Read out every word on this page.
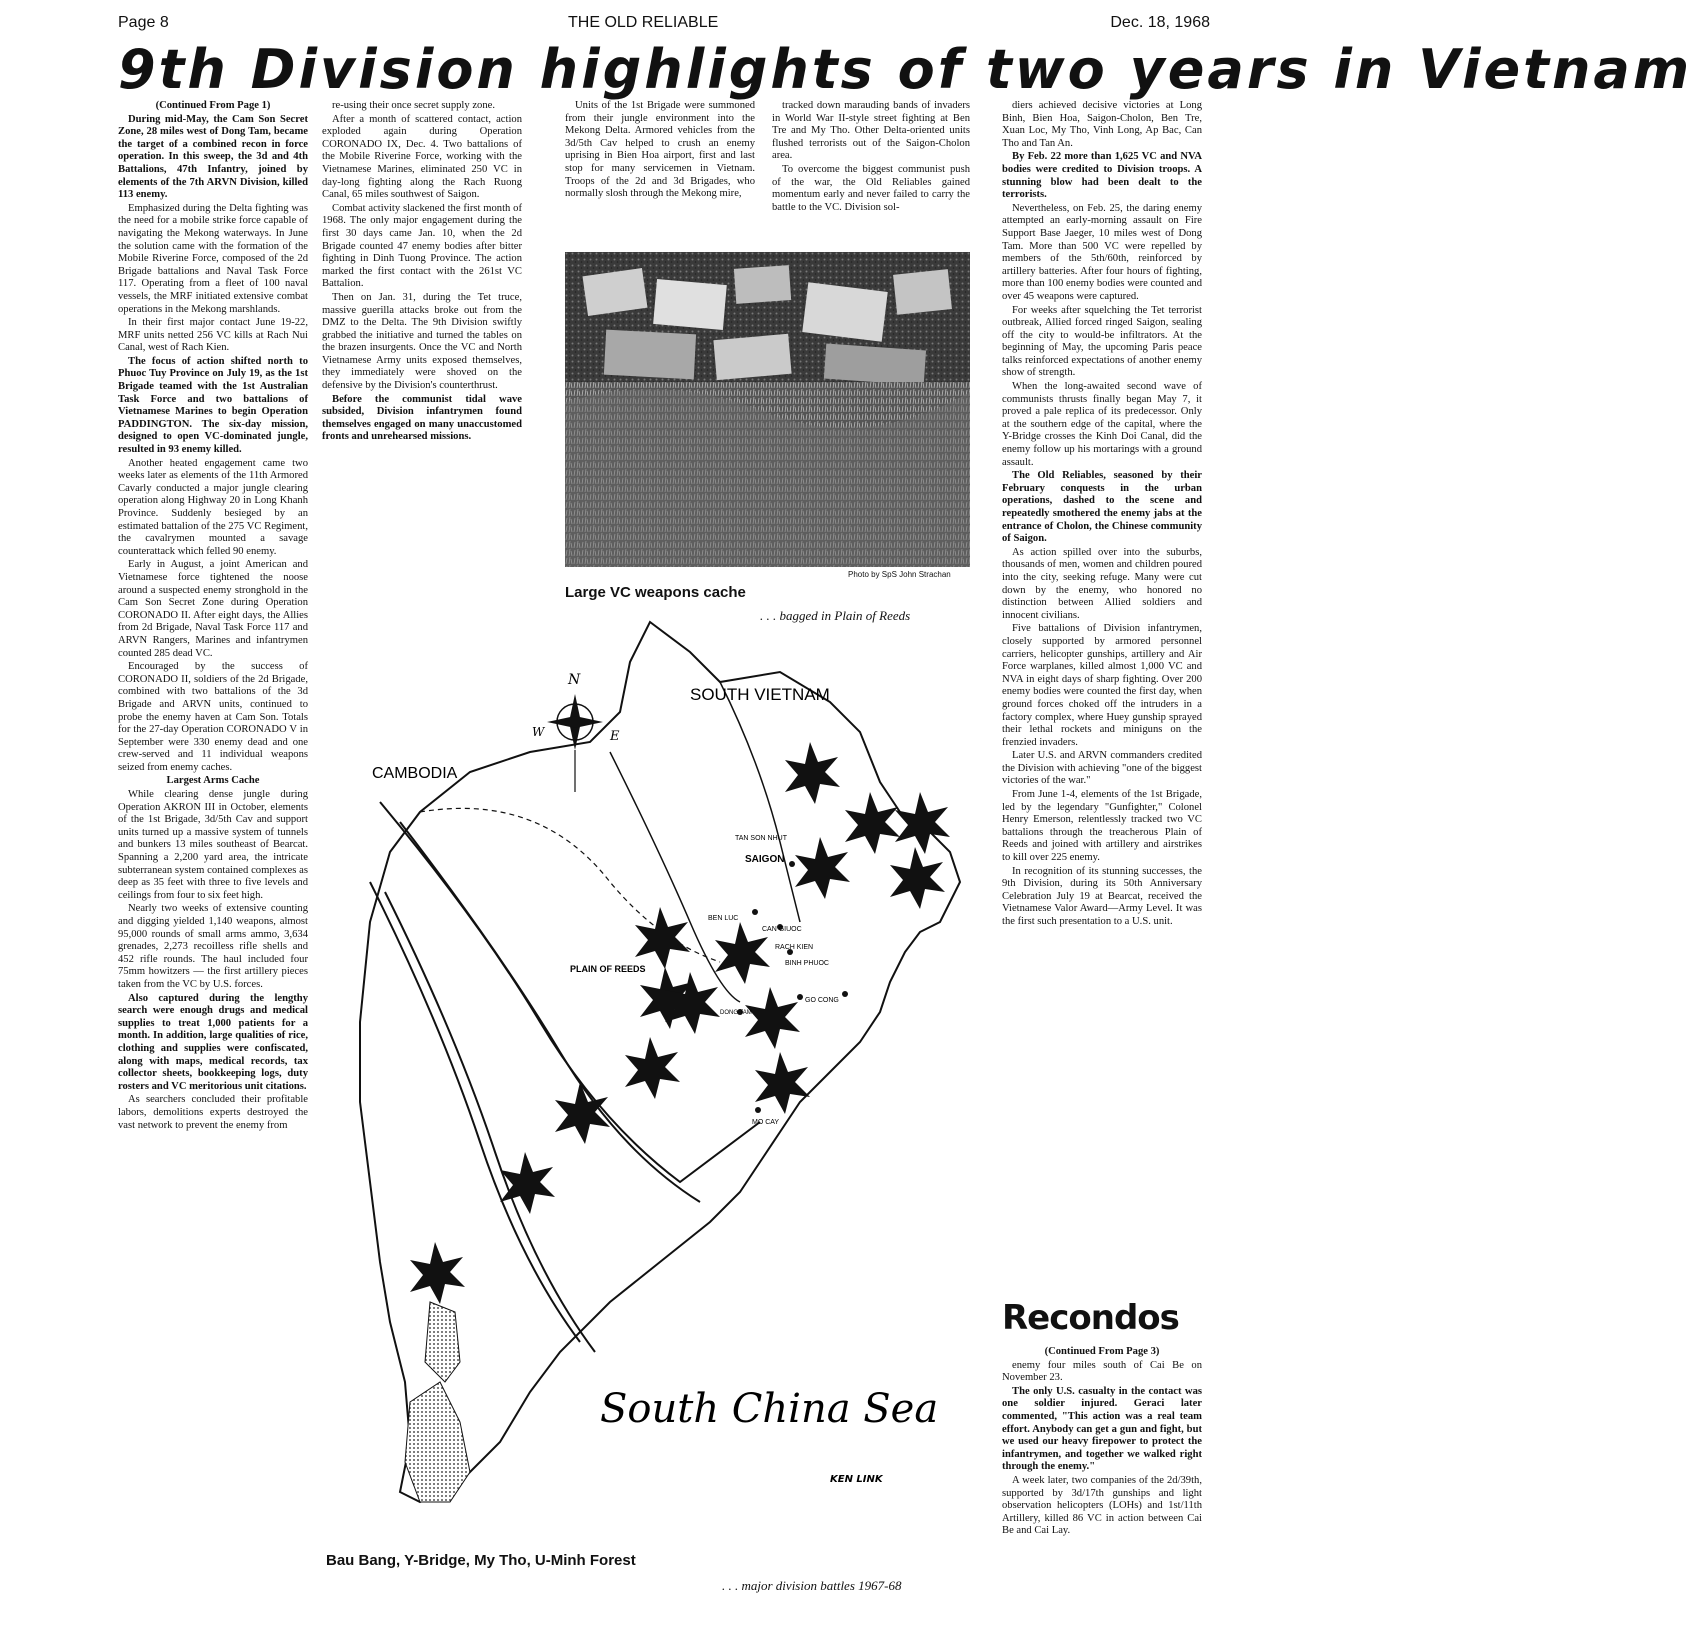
Page 8	THE OLD RELIABLE	Dec. 18, 1968
9th Division highlights of two years in Vietnam

(Continued From Page 1)

During mid-May, the Cam Son Secret Zone, 28 miles west of Dong Tam, became the target of a combined recon in force operation. In this sweep, the 3d and 4th Battalions, 47th Infantry, joined by elements of the 7th ARVN Division, killed 113 enemy.

Emphasized during the Delta fighting was the need for a mobile strike force capable of navigating the Mekong waterways. In June the solution came with the formation of the Mobile Riverine Force, composed of the 2d Brigade battalions and Naval Task Force 117. Operating from a fleet of 100 naval vessels, the MRF initiated extensive combat operations in the Mekong marshlands.

In their first major contact June 19-22, MRF units netted 256 VC kills at Rach Nui Canal, west of Rach Kien.

The focus of action shifted north to Phuoc Tuy Province on July 19, as the 1st Brigade teamed with the 1st Australian Task Force and two battalions of Vietnamese Marines to begin Operation PADDINGTON. The six-day mission, designed to open VC-dominated jungle, resulted in 93 enemy killed.

Another heated engagement came two weeks later as elements of the 11th Armored Cavarly conducted a major jungle clearing operation along Highway 20 in Long Khanh Province. Suddenly besieged by an estimated battalion of the 275 VC Regiment, the cavalrymen mounted a savage counterattack which felled 90 enemy.

Early in August, a joint American and Vietnamese force tightened the noose around a suspected enemy stronghold in the Cam Son Secret Zone during Operation CORONADO II. After eight days, the Allies from 2d Brigade, Naval Task Force 117 and ARVN Rangers, Marines and infantrymen counted 285 dead VC.

Encouraged by the success of CORONADO II, soldiers of the 2d Brigade, combined with two battalions of the 3d Brigade and ARVN units, continued to probe the enemy haven at Cam Son. Totals for the 27-day Operation CORONADO V in September were 330 enemy dead and one crew-served and 11 individual weapons seized from enemy caches.

Largest Arms Cache

While clearing dense jungle during Operation AKRON III in October, elements of the 1st Brigade, 3d/5th Cav and support units turned up a massive system of tunnels and bunkers 13 miles southeast of Bearcat. Spanning a 2,200 yard area, the intricate subterranean system contained complexes as deep as 35 feet with three to five levels and ceilings from four to six feet high.

Nearly two weeks of extensive counting and digging yielded 1,140 weapons, almost 95,000 rounds of small arms ammo, 3,634 grenades, 2,273 recoilless rifle shells and 452 rifle rounds. The haul included four 75mm howitzers — the first artillery pieces taken from the VC by U.S. forces.

Also captured during the lengthy search were enough drugs and medical supplies to treat 1,000 patients for a month. In addition, large qualities of rice, clothing and supplies were confiscated, along with maps, medical records, tax collector sheets, bookkeeping logs, duty rosters and VC meritorious unit citations.

As searchers concluded their profitable labors, demolitions experts destroyed the vast network to prevent the enemy from

re-using their once secret supply zone.

After a month of scattered contact, action exploded again during Operation CORONADO IX, Dec. 4. Two battalions of the Mobile Riverine Force, working with the Vietnamese Marines, eliminated 250 VC in day-long fighting along the Rach Ruong Canal, 65 miles southwest of Saigon.

Combat activity slackened the first month of 1968. The only major engagement during the first 30 days came Jan. 10, when the 2d Brigade counted 47 enemy bodies after bitter fighting in Dinh Tuong Province. The action marked the first contact with the 261st VC Battalion.

Then on Jan. 31, during the Tet truce, massive guerilla attacks broke out from the DMZ to the Delta. The 9th Division swiftly grabbed the initiative and turned the tables on the brazen insurgents. Once the VC and North Vietnamese Army units exposed themselves, they immediately were shoved on the defensive by the Division's counterthrust.

Before the communist tidal wave subsided, Division infantrymen found themselves engaged on many unaccustomed fronts and unrehearsed missions.

Units of the 1st Brigade were summoned from their jungle environment into the Mekong Delta. Armored vehicles from the 3d/5th Cav helped to crush an enemy uprising in Bien Hoa airport, first and last stop for many servicemen in Vietnam. Troops of the 2d and 3d Brigades, who normally slosh through the Mekong mire,

tracked down marauding bands of invaders in World War II-style street fighting at Ben Tre and My Tho. Other Delta-oriented units flushed terrorists out of the Saigon-Cholon area.

To overcome the biggest communist push of the war, the Old Reliables gained momentum early and never failed to carry the battle to the VC. Division sol-

diers achieved decisive victories at Long Binh, Bien Hoa, Saigon-Cholon, Ben Tre, Xuan Loc, My Tho, Vinh Long, Ap Bac, Can Tho and Tan An.

By Feb. 22 more than 1,625 VC and NVA bodies were credited to Division troops. A stunning blow had been dealt to the terrorists.

Nevertheless, on Feb. 25, the daring enemy attempted an early-morning assault on Fire Support Base Jaeger, 10 miles west of Dong Tam. More than 500 VC were repelled by members of the 5th/60th, reinforced by artillery batteries. After four hours of fighting, more than 100 enemy bodies were counted and over 45 weapons were captured.

For weeks after squelching the Tet terrorist outbreak, Allied forced ringed Saigon, sealing off the city to would-be infiltrators. At the beginning of May, the upcoming Paris peace talks reinforced expectations of another enemy show of strength.

When the long-awaited second wave of communists thrusts finally began May 7, it proved a pale replica of its predecessor. Only at the southern edge of the capital, where the Y-Bridge crosses the Kinh Doi Canal, did the enemy follow up his mortarings with a ground assault.

The Old Reliables, seasoned by their February conquests in the urban operations, dashed to the scene and repeatedly smothered the enemy jabs at the entrance of Cholon, the Chinese community of Saigon.

As action spilled over into the suburbs, thousands of men, women and children poured into the city, seeking refuge. Many were cut down by the enemy, who honored no distinction between Allied soldiers and innocent civilians.

Five battalions of Division infantrymen, closely supported by armored personnel carriers, helicopter gunships, artillery and Air Force warplanes, killed almost 1,000 VC and NVA in eight days of sharp fighting. Over 200 enemy bodies were counted the first day, when ground forces choked off the intruders in a factory complex, where Huey gunship sprayed their lethal rockets and miniguns on the frenzied invaders.

Later U.S. and ARVN commanders credited the Division with achieving "one of the biggest victories of the war."

From June 1-4, elements of the 1st Brigade, led by the legendary "Gunfighter," Colonel Henry Emerson, relentlessly tracked two VC battalions through the treacherous Plain of Reeds and joined with artillery and airstrikes to kill over 225 enemy.

In recognition of its stunning successes, the 9th Division, during its 50th Anniversary Celebration July 19 at Bearcat, received the Vietnamese Valor Award—Army Level. It was the first such presentation to a U.S. unit.

Photo by SpS John Strachan
Large VC weapons cache
. . . bagged in Plain of Reeds
N
W	E
SOUTH VIETNAM
CAMBODIA
TAN SON NHUT
SAIGON
BEN LUC
CAN GIUOC
RACH KIEN
BINH PHUOC
PLAIN OF REEDS
GO CONG
DONG TAM
MO CAY
South China Sea
KEN LINK
Bau Bang, Y-Bridge, My Tho, U-Minh Forest
. . . major division battles 1967-68
Recondos

(Continued From Page 3)

enemy four miles south of Cai Be on November 23.

The only U.S. casualty in the contact was one soldier injured. Geraci later commented, "This action was a real team effort. Anybody can get a gun and fight, but we used our heavy firepower to protect the infantrymen, and together we walked right through the enemy."

A week later, two companies of the 2d/39th, supported by 3d/17th gunships and light observation helicopters (LOHs) and 1st/11th Artillery, killed 86 VC in action between Cai Be and Cai Lay.
